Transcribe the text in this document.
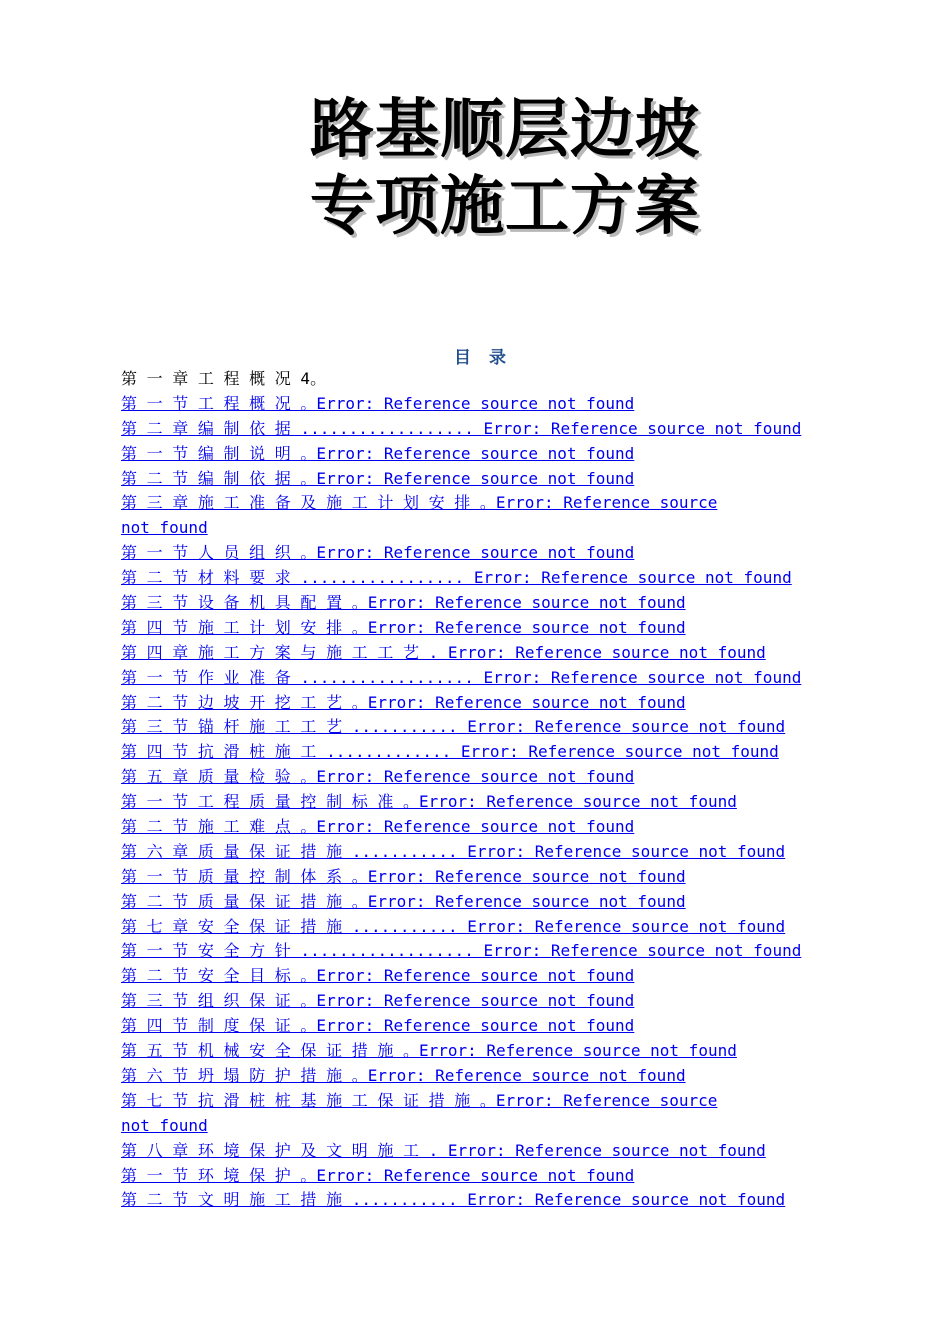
路基顺层边坡
专项施工方案
目 录
第 一 章 工 程 概 况 4。
第 一 节 工 程 概 况 。Error: Reference source not found
第 二 章 编 制 依 据 .................. Error: Reference source not found
第 一 节 编 制 说 明 。Error: Reference source not found
第 二 节 编 制 依 据 。Error: Reference source not found
第 三 章 施 工 准 备 及 施 工 计 划 安 排 。Error: Reference source
not found
第 一 节 人 员 组 织 。Error: Reference source not found
第 二 节 材 料 要 求 ................. Error: Reference source not found
第 三 节 设 备 机 具 配 置 。Error: Reference source not found
第 四 节 施 工 计 划 安 排 。Error: Reference source not found
第 四 章 施 工 方 案 与 施 工 工 艺 . Error: Reference source not found
第 一 节 作 业 准 备 .................. Error: Reference source not found
第 二 节 边 坡 开 挖 工 艺 。Error: Reference source not found
第 三 节 锚 杆 施 工 工 艺 ........... Error: Reference source not found
第 四 节 抗 滑 桩 施 工 ............. Error: Reference source not found
第 五 章 质 量 检 验 。Error: Reference source not found
第 一 节 工 程 质 量 控 制 标 准 。Error: Reference source not found
第 二 节 施 工 难 点 。Error: Reference source not found
第 六 章 质 量 保 证 措 施 ........... Error: Reference source not found
第 一 节 质 量 控 制 体 系 。Error: Reference source not found
第 二 节 质 量 保 证 措 施 。Error: Reference source not found
第 七 章 安 全 保 证 措 施 ........... Error: Reference source not found
第 一 节 安 全 方 针 .................. Error: Reference source not found
第 二 节 安 全 目 标 。Error: Reference source not found
第 三 节 组 织 保 证 。Error: Reference source not found
第 四 节 制 度 保 证 。Error: Reference source not found
第 五 节 机 械 安 全 保 证 措 施 。Error: Reference source not found
第 六 节 坍 塌 防 护 措 施 。Error: Reference source not found
第 七 节 抗 滑 桩 桩 基 施 工 保 证 措 施 。Error: Reference source
not found
第 八 章 环 境 保 护 及 文 明 施 工 . Error: Reference source not found
第 一 节 环 境 保 护 。Error: Reference source not found
第 二 节 文 明 施 工 措 施 ........... Error: Reference source not found
